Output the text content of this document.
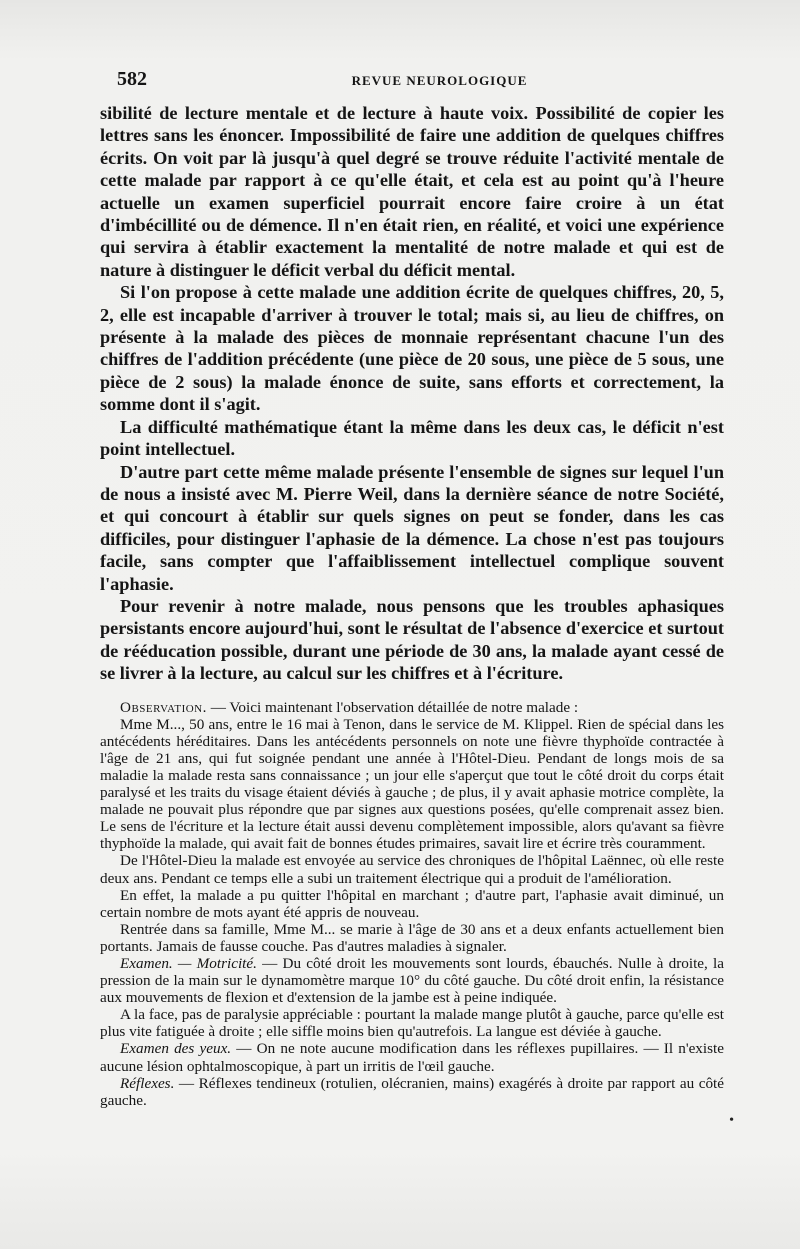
582	REVUE NEUROLOGIQUE

sibilité de lecture mentale et de lecture à haute voix. Possibilité de copier les lettres sans les énoncer. Impossibilité de faire une addition de quelques chiffres écrits. On voit par là jusqu'à quel degré se trouve réduite l'activité mentale de cette malade par rapport à ce qu'elle était, et cela est au point qu'à l'heure actuelle un examen superficiel pourrait encore faire croire à un état d'imbécillité ou de démence. Il n'en était rien, en réalité, et voici une expérience qui servira à établir exactement la mentalité de notre malade et qui est de nature à distinguer le déficit verbal du déficit mental.

Si l'on propose à cette malade une addition écrite de quelques chiffres, 20, 5, 2, elle est incapable d'arriver à trouver le total; mais si, au lieu de chiffres, on présente à la malade des pièces de monnaie représentant chacune l'un des chiffres de l'addition précédente (une pièce de 20 sous, une pièce de 5 sous, une pièce de 2 sous) la malade énonce de suite, sans efforts et correctement, la somme dont il s'agit.

La difficulté mathématique étant la même dans les deux cas, le déficit n'est point intellectuel.

D'autre part cette même malade présente l'ensemble de signes sur lequel l'un de nous a insisté avec M. Pierre Weil, dans la dernière séance de notre Société, et qui concourt à établir sur quels signes on peut se fonder, dans les cas difficiles, pour distinguer l'aphasie de la démence. La chose n'est pas toujours facile, sans compter que l'affaiblissement intellectuel complique souvent l'aphasie.

Pour revenir à notre malade, nous pensons que les troubles aphasiques persistants encore aujourd'hui, sont le résultat de l'absence d'exercice et surtout de rééducation possible, durant une période de 30 ans, la malade ayant cessé de se livrer à la lecture, au calcul sur les chiffres et à l'écriture.

Observation. — Voici maintenant l'observation détaillée de notre malade :

Mme M..., 50 ans, entre le 16 mai à Tenon, dans le service de M. Klippel. Rien de spécial dans les antécédents héréditaires. Dans les antécédents personnels on note une fièvre thyphoïde contractée à l'âge de 21 ans, qui fut soignée pendant une année à l'Hôtel-Dieu. Pendant de longs mois de sa maladie la malade resta sans connaissance ; un jour elle s'aperçut que tout le côté droit du corps était paralysé et les traits du visage étaient déviés à gauche ; de plus, il y avait aphasie motrice complète, la malade ne pouvait plus répondre que par signes aux questions posées, qu'elle comprenait assez bien. Le sens de l'écriture et la lecture était aussi devenu complètement impossible, alors qu'avant sa fièvre thyphoïde la malade, qui avait fait de bonnes études primaires, savait lire et écrire très couramment.

De l'Hôtel-Dieu la malade est envoyée au service des chroniques de l'hôpital Laënnec, où elle reste deux ans. Pendant ce temps elle a subi un traitement électrique qui a produit de l'amélioration.

En effet, la malade a pu quitter l'hôpital en marchant ; d'autre part, l'aphasie avait diminué, un certain nombre de mots ayant été appris de nouveau.

Rentrée dans sa famille, Mme M... se marie à l'âge de 30 ans et a deux enfants actuellement bien portants. Jamais de fausse couche. Pas d'autres maladies à signaler.

Examen. — Motricité. — Du côté droit les mouvements sont lourds, ébauchés. Nulle à droite, la pression de la main sur le dynamomètre marque 10° du côté gauche. Du côté droit enfin, la résistance aux mouvements de flexion et d'extension de la jambe est à peine indiquée.

A la face, pas de paralysie appréciable : pourtant la malade mange plutôt à gauche, parce qu'elle est plus vite fatiguée à droite ; elle siffle moins bien qu'autrefois. La langue est déviée à gauche.

Examen des yeux. — On ne note aucune modification dans les réflexes pupillaires. — Il n'existe aucune lésion ophtalmoscopique, à part un irritis de l'œil gauche.

Réflexes. — Réflexes tendineux (rotulien, olécranien, mains) exagérés à droite par rapport au côté gauche.

•
